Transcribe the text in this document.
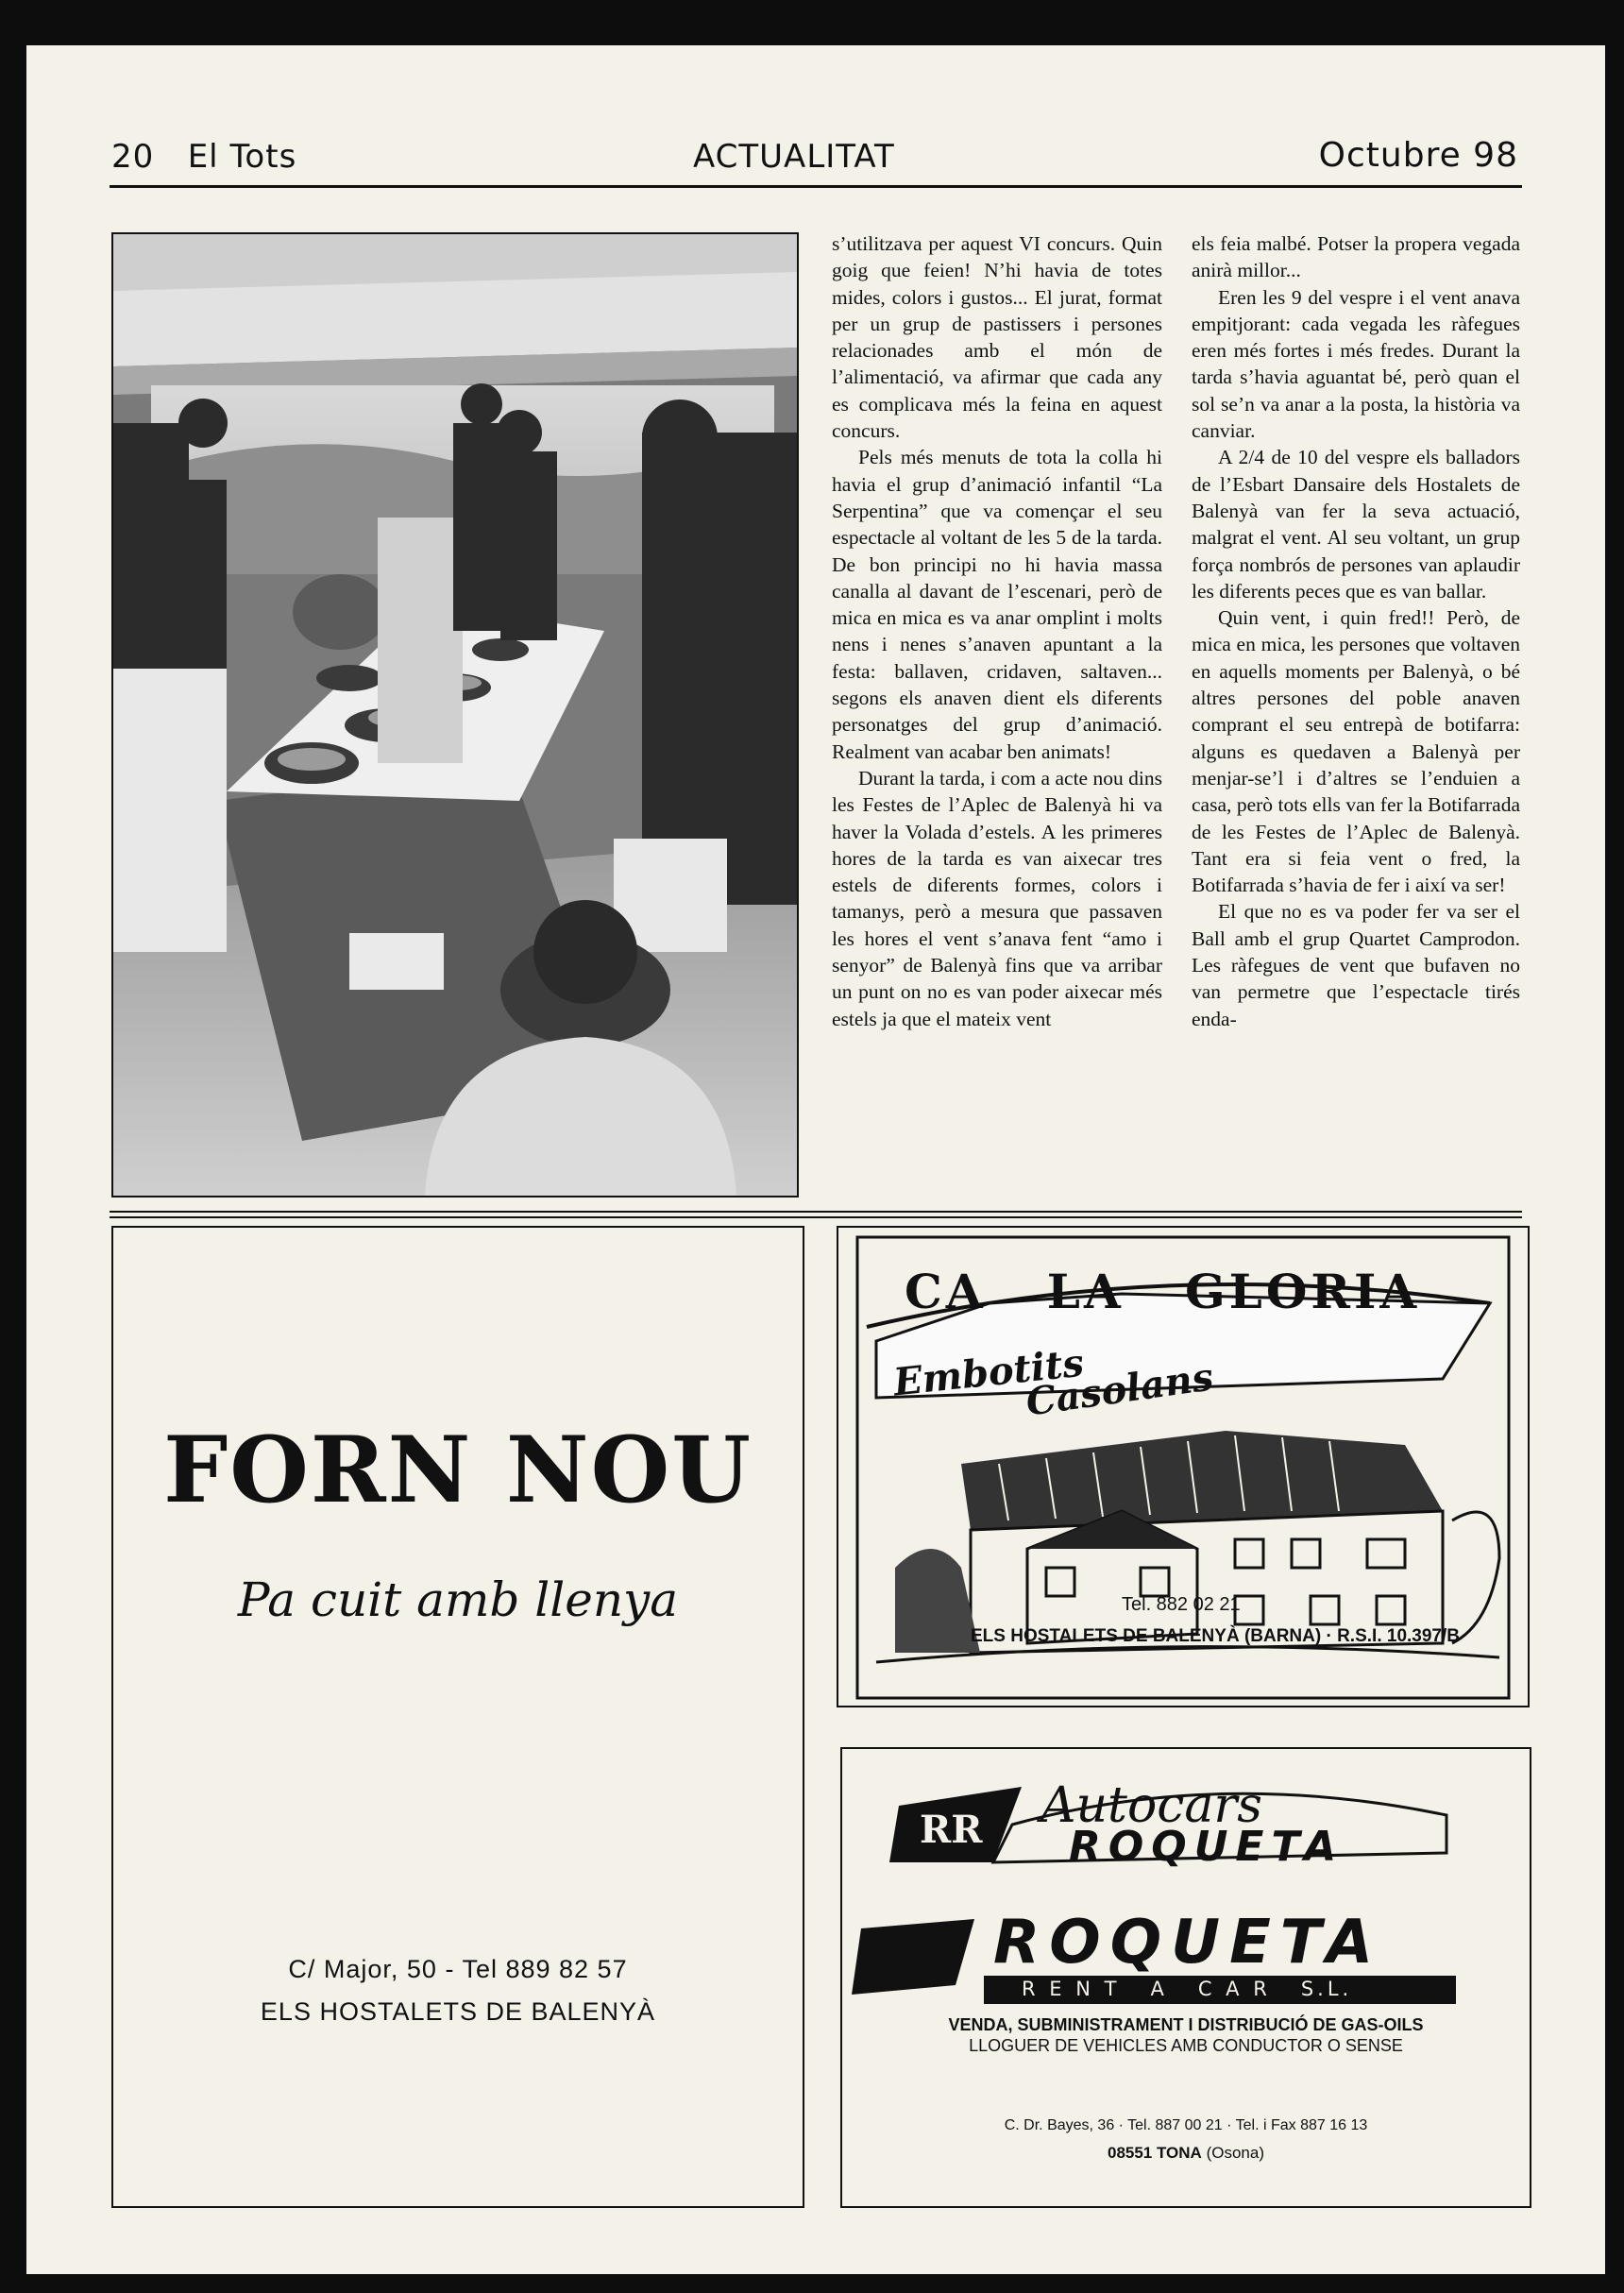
20 El Tots	ACTUALITAT	Octubre 98

s’utilitzava per aquest VI concurs. Quin goig que feien! N’hi havia de totes mides, colors i gustos... El jurat, format per un grup de pastissers i persones relacionades amb el món de l’alimentació, va afirmar que cada any es complicava més la feina en aquest concurs.

Pels més menuts de tota la colla hi havia el grup d’animació infantil “La Serpentina” que va començar el seu espectacle al voltant de les 5 de la tarda. De bon principi no hi havia massa canalla al davant de l’escenari, però de mica en mica es va anar omplint i molts nens i nenes s’anaven apuntant a la festa: ballaven, cridaven, saltaven... segons els anaven dient els diferents personatges del grup d’animació. Realment van acabar ben animats!

Durant la tarda, i com a acte nou dins les Festes de l’Aplec de Balenyà hi va haver la Volada d’estels. A les primeres hores de la tarda es van aixecar tres estels de diferents formes, colors i tamanys, però a mesura que passaven les hores el vent s’anava fent “amo i senyor” de Balenyà fins que va arribar un punt on no es van poder aixecar més estels ja que el mateix vent

els feia malbé. Potser la propera vegada anirà millor...

Eren les 9 del vespre i el vent anava empitjorant: cada vegada les ràfegues eren més fortes i més fredes. Durant la tarda s’havia aguantat bé, però quan el sol se’n va anar a la posta, la història va canviar.

A 2/4 de 10 del vespre els balladors de l’Esbart Dansaire dels Hostalets de Balenyà van fer la seva actuació, malgrat el vent. Al seu voltant, un grup força nombrós de persones van aplaudir les diferents peces que es van ballar.

Quin vent, i quin fred!! Però, de mica en mica, les persones que voltaven en aquells moments per Balenyà, o bé altres persones del poble anaven comprant el seu entrepà de botifarra: alguns es quedaven a Balenyà per menjar-se’l i d’altres se l’enduien a casa, però tots ells van fer la Botifarrada de les Festes de l’Aplec de Balenyà. Tant era si feia vent o fred, la Botifarrada s’havia de fer i així va ser!

El que no es va poder fer va ser el Ball amb el grup Quartet Camprodon. Les ràfegues de vent que bufaven no van permetre que l’espectacle tirés enda-

FORN NOU
Pa cuit amb llenya
C/ Major, 50 - Tel 889 82 57
ELS HOSTALETS DE BALENYÀ
CA   LA   GLORIA
Embotits
Casolans
Tel. 882 02 21
ELS HOSTALETS DE BALENYÀ (BARNA) · R.S.I. 10.397/B
RR Autocars
ROQUETA
ROQUETA
R E N T   A   C A R   S.L.
VENDA, SUBMINISTRAMENT I DISTRIBUCIÓ DE GAS-OILS
LLOGUER DE VEHICLES AMB CONDUCTOR O SENSE
C. Dr. Bayes, 36 · Tel. 887 00 21 · Tel. i Fax 887 16 13
08551 TONA (Osona)
